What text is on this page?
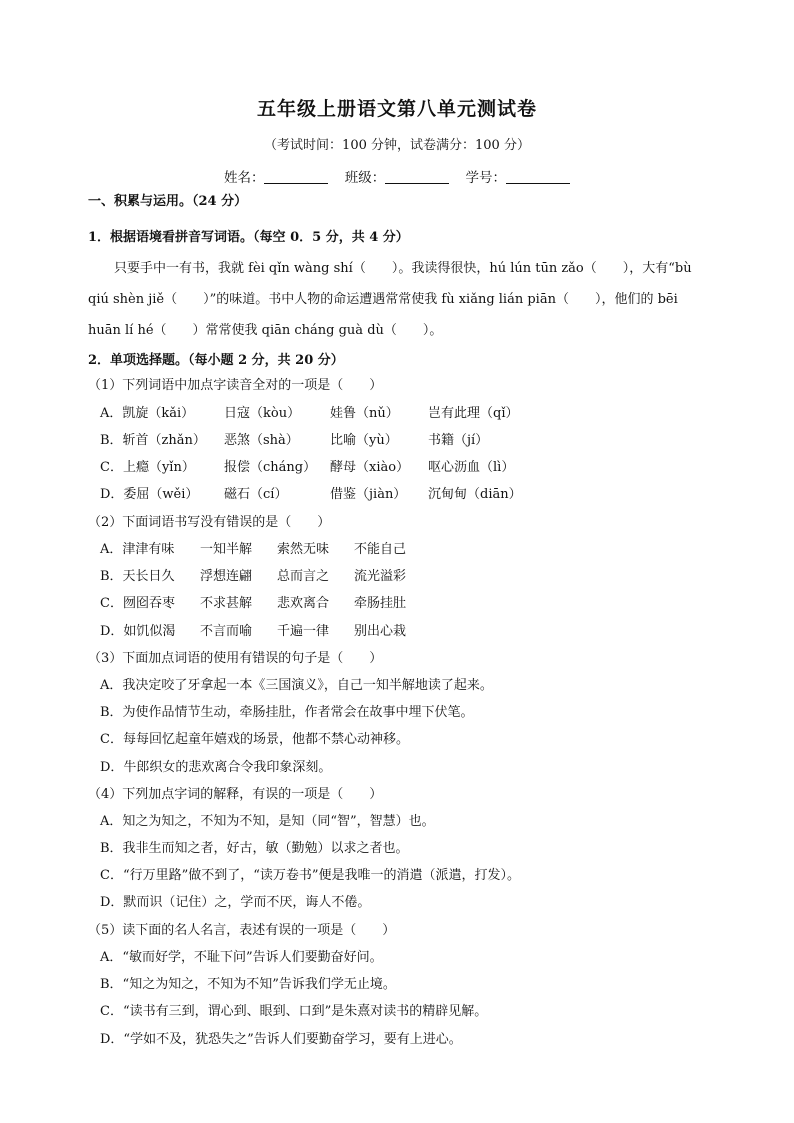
五年级上册语文第八单元测试卷
（考试时间：100 分钟，试卷满分：100 分）
姓名：	班级：	学号：
一、积累与运用。（24 分）
1．根据语境看拼音写词语。（每空 0．5 分，共 4 分）
只要手中一有书，我就 fèi qǐn wàng shí（　　）。我读得很快，hú lún tūn zǎo（　　），大有“bù
qiú shèn jiě（　　）”的味道。书中人物的命运遭遇常常使我 fù xiǎng lián piān（　　），他们的 bēi
huān lí hé（　　）常常使我 qiān cháng guà dù（　　）。
2．单项选择题。（每小题 2 分，共 20 分）
（1）下列词语中加点字读音全对的一项是（　　）
A．凯旋（kǎi）	日寇（kòu）	娃鲁（nǔ）	岂有此理（qǐ）
B．斩首（zhǎn）	恶煞（shà）	比喻（yù）	书籍（jí）
C．上瘾（yǐn）	报偿（cháng）	酵母（xiào）	呕心沥血（lì）
D．委屈（wěi）	磁石（cí）	借鉴（jiàn）	沉甸甸（diān）
（2）下面词语书写没有错误的是（　　）
A．津津有味	一知半解	索然无味	不能自己
B．天长日久	浮想连翩	总而言之	流光溢彩
C．囫囵吞枣	不求甚解	悲欢离合	牵肠挂肚
D．如饥似渴	不言而喻	千遍一律	别出心栽
（3）下面加点词语的使用有错误的句子是（　　）
A．我决定咬了牙拿起一本《三国演义》，自己一知半解地读了起来。
B．为使作品情节生动，牵肠挂肚，作者常会在故事中埋下伏笔。
C．每每回忆起童年嬉戏的场景，他都不禁心动神移。
D．牛郎织女的悲欢离合令我印象深刻。
（4）下列加点字词的解释，有误的一项是（　　）
A．知之为知之，不知为不知，是知（同“智”，智慧）也。
B．我非生而知之者，好古，敏（勤勉）以求之者也。
C．“行万里路”做不到了，“读万卷书”便是我唯一的消遣（派遣，打发）。
D．默而识（记住）之，学而不厌，诲人不倦。
（5）读下面的名人名言，表述有误的一项是（　　）
A．“敏而好学，不耻下问”告诉人们要勤奋好问。
B．“知之为知之，不知为不知”告诉我们学无止境。
C．“读书有三到，谓心到、眼到、口到”是朱熹对读书的精辟见解。
D．“学如不及，犹恐失之”告诉人们要勤奋学习，要有上进心。
